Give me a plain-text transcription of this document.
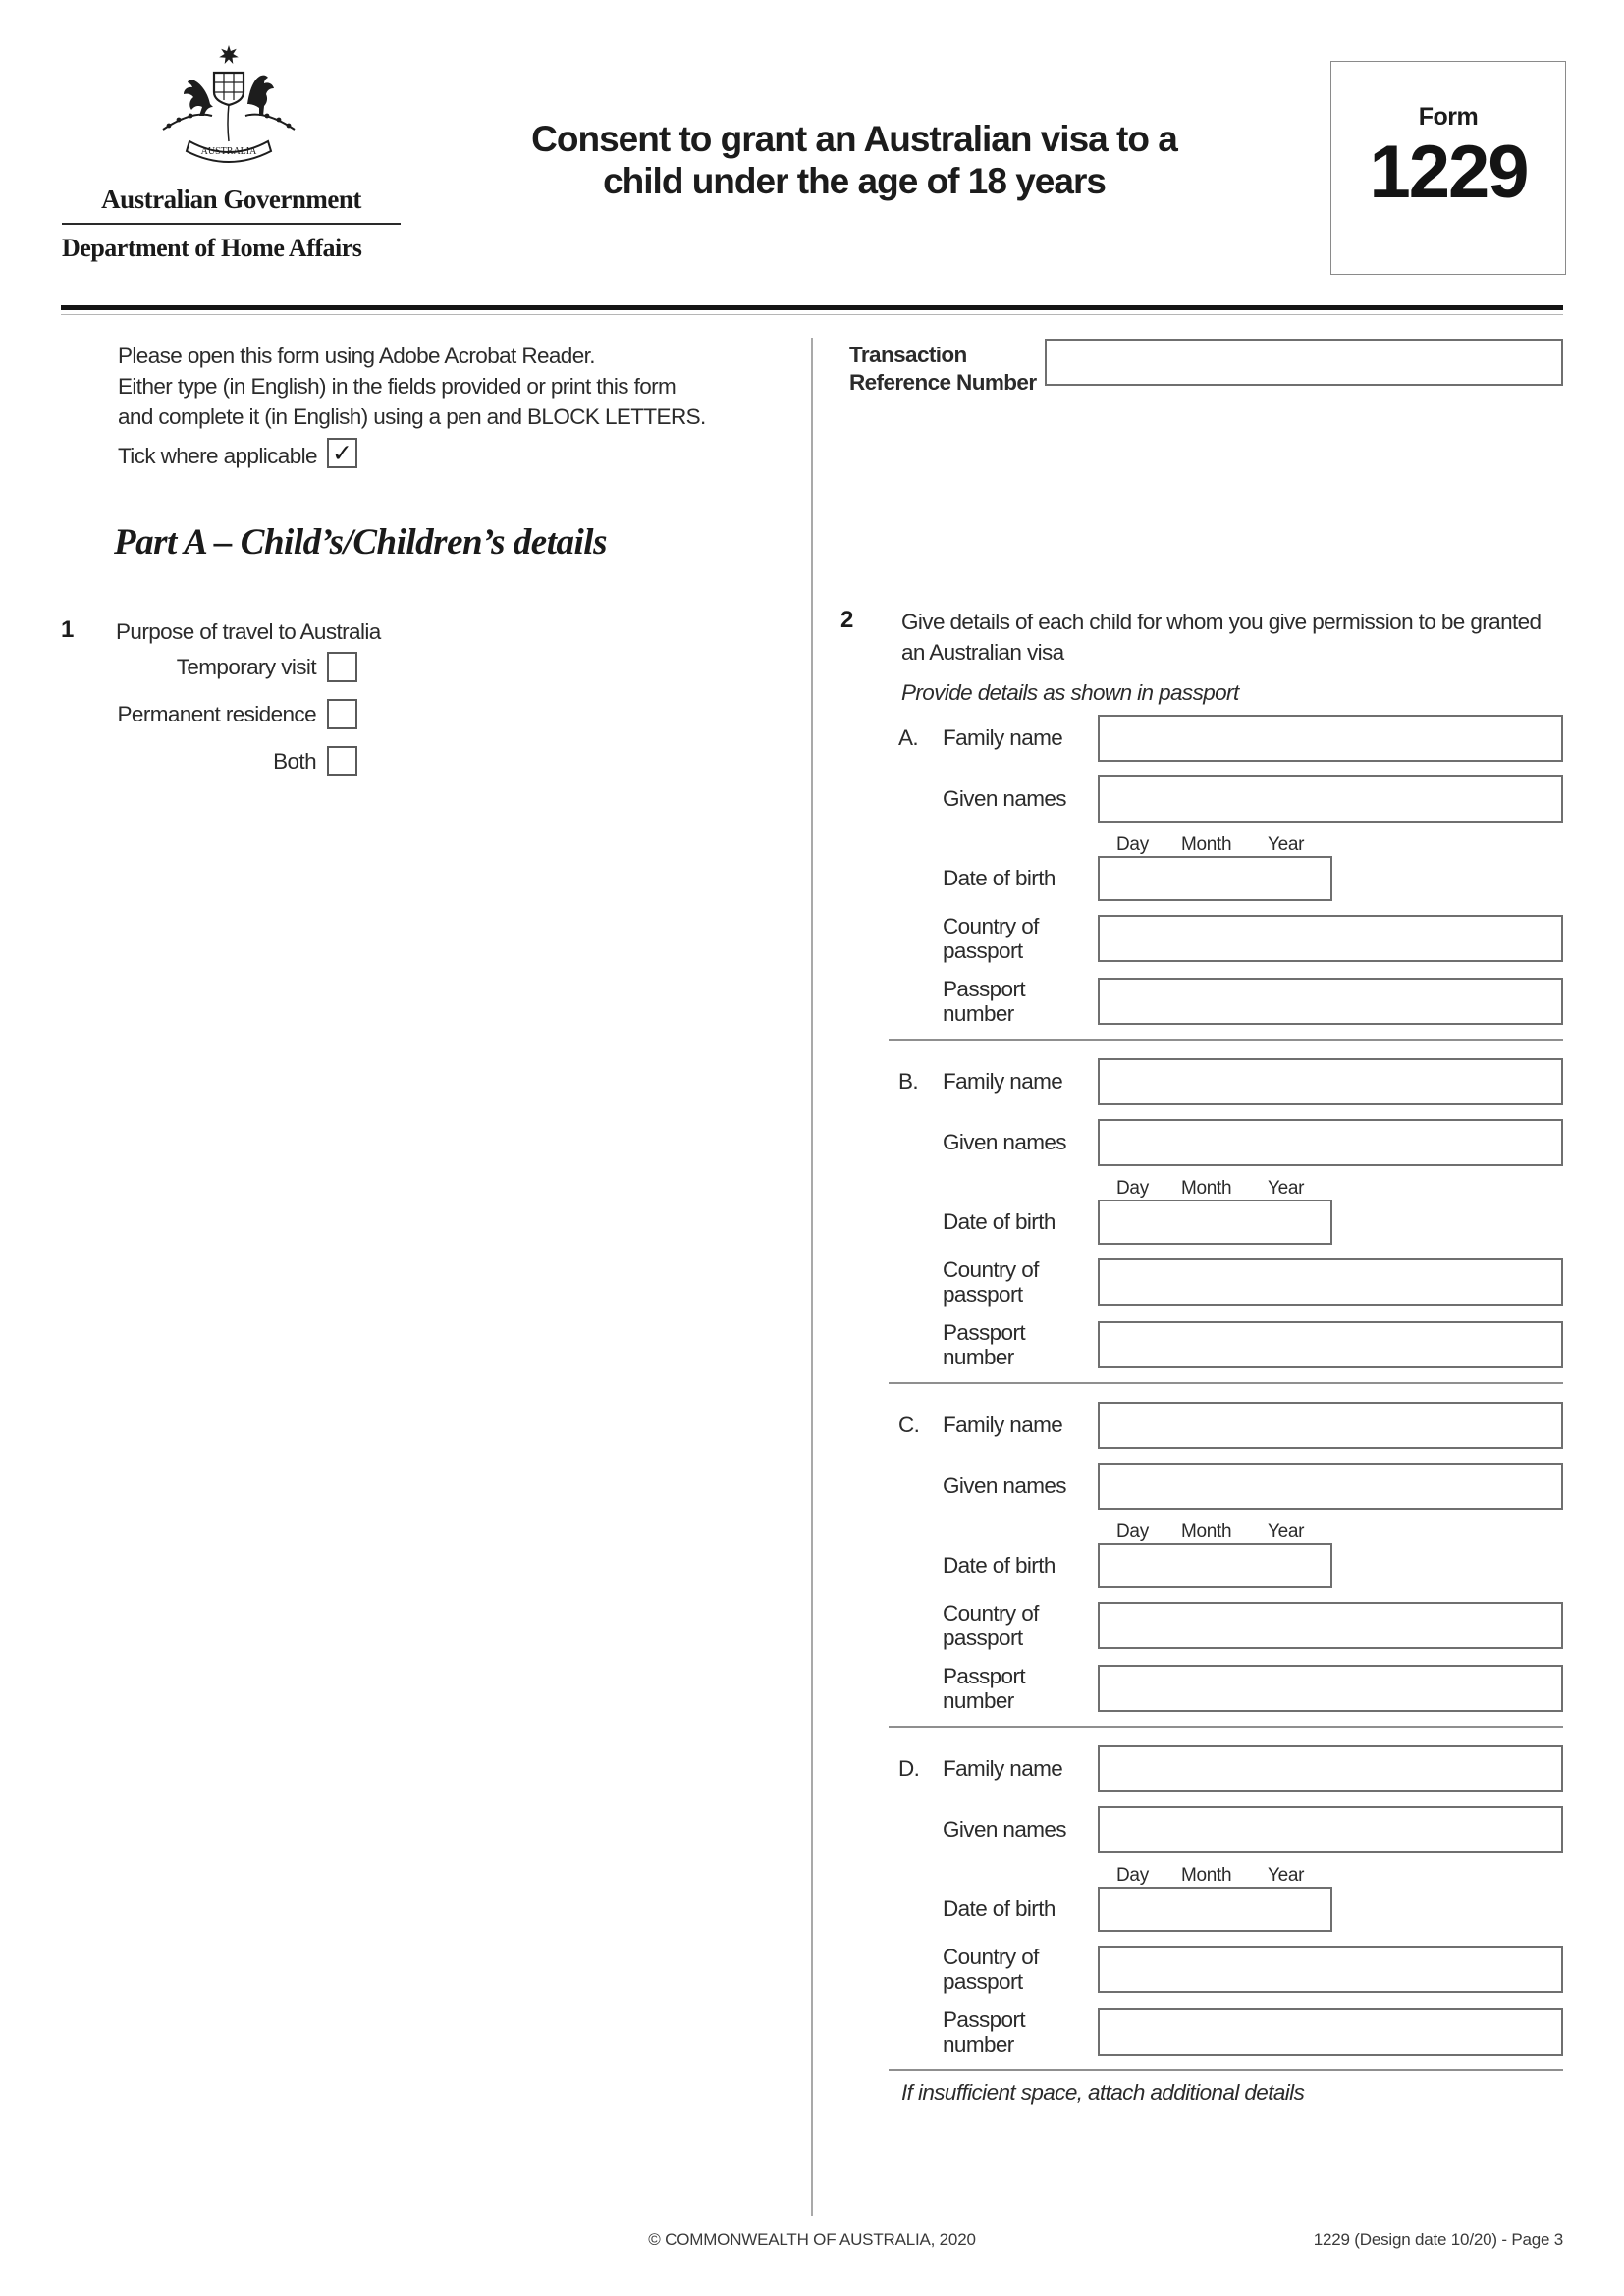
AUSTRALIA
Australian Government
Department of Home Affairs
Consent to grant an Australian visa to a child under the age of 18 years
Form
1229
Please open this form using Adobe Acrobat Reader.
Either type (in English) in the fields provided or print this form
and complete it (in English) using a pen and BLOCK LETTERS.
Tick where applicable ✓
Part A – Child’s/Children’s details
1 Purpose of travel to Australia
Temporary visit
Permanent residence
Both
Transaction
Reference Number
2 Give details of each child for whom you give permission to be granted
an Australian visa
Provide details as shown in passport
A. Family name
Given names
Day Month Year
Date of birth
Country of
passport
Passport
number
B. Family name
Given names
Day Month Year
Date of birth
Country of
passport
Passport
number
C. Family name
Given names
Day Month Year
Date of birth
Country of
passport
Passport
number
D. Family name
Given names
Day Month Year
Date of birth
Country of
passport
Passport
number
If insufficient space, attach additional details
© COMMONWEALTH OF AUSTRALIA, 2020	1229 (Design date 10/20) - Page 3
